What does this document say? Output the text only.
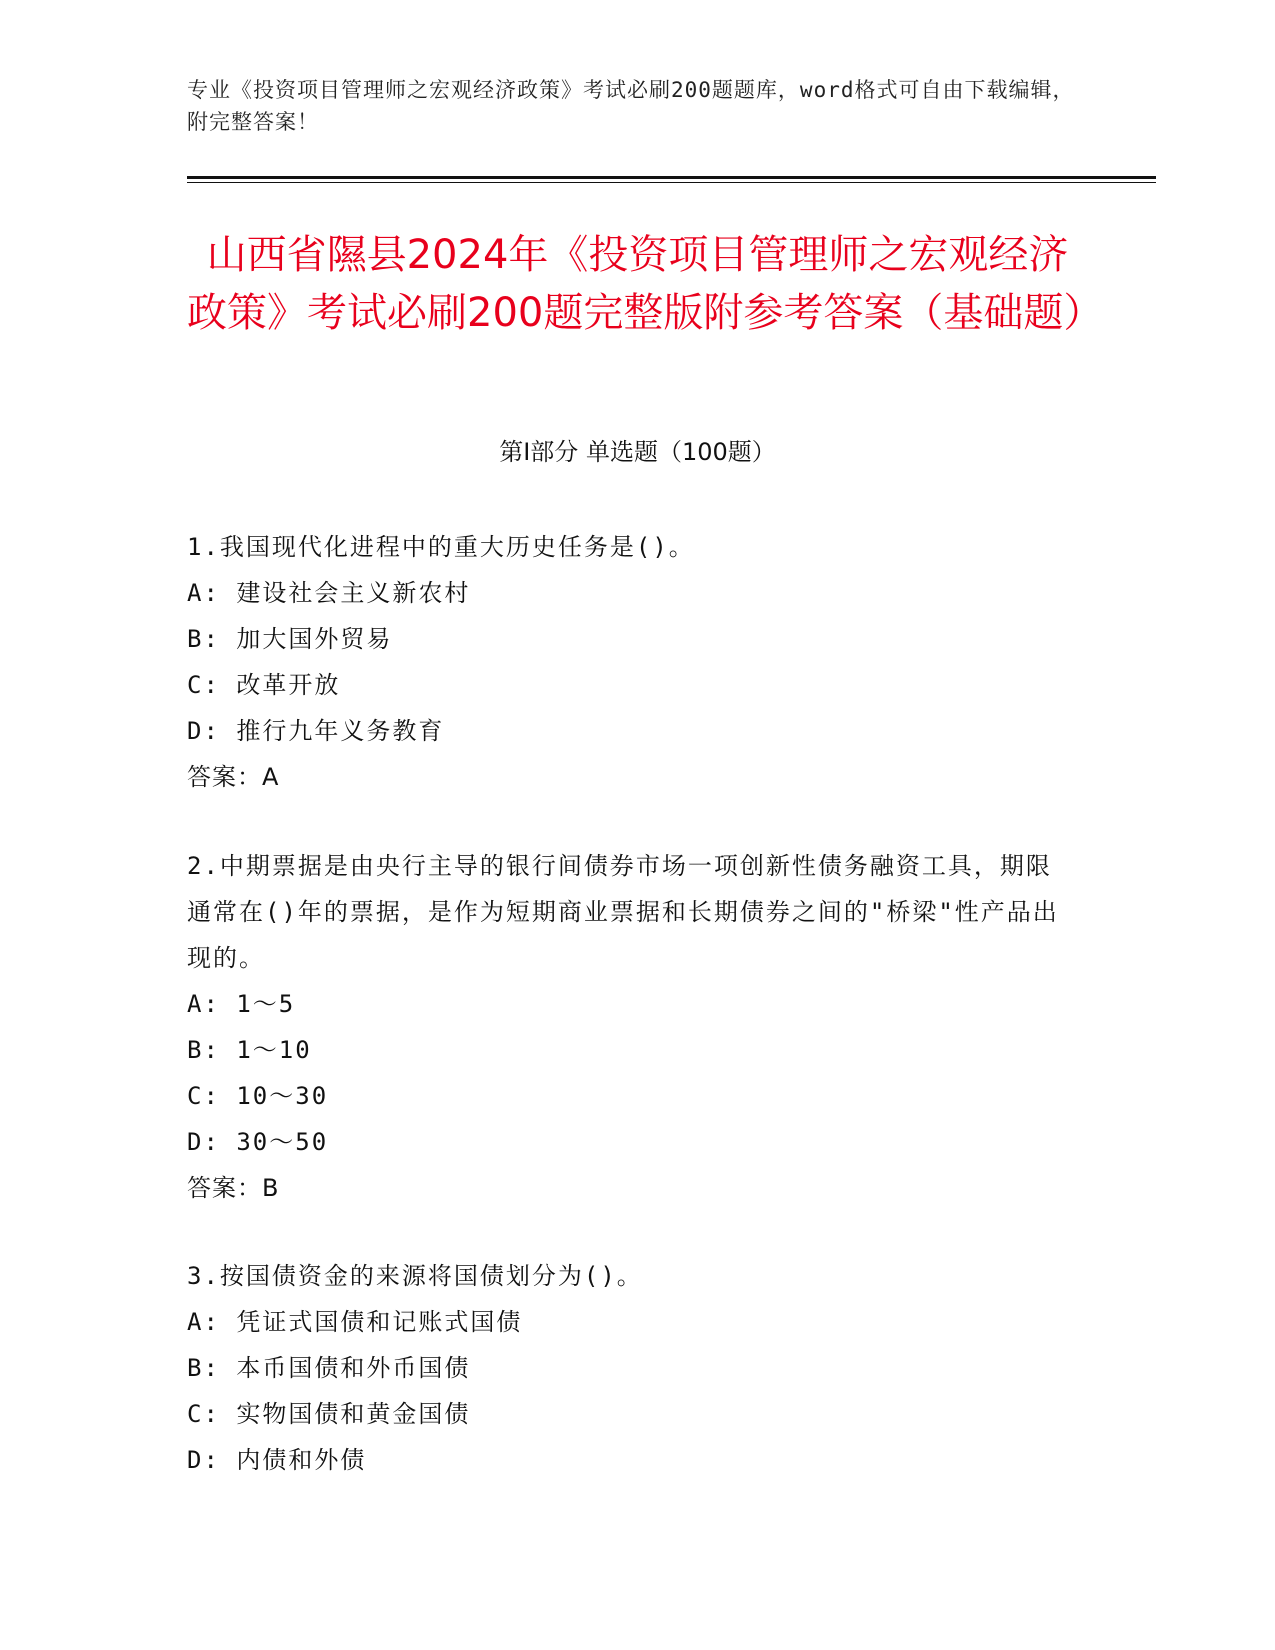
专业《投资项目管理师之宏观经济政策》考试必刷200题题库，word格式可自由下载编辑，附完整答案！
山西省隰县2024年《投资项目管理师之宏观经济政策》考试必刷200题完整版附参考答案（基础题）
第I部分 单选题（100题）
1.我国现代化进程中的重大历史任务是()。
A: 建设社会主义新农村
B: 加大国外贸易
C: 改革开放
D: 推行九年义务教育
答案：A
2.中期票据是由央行主导的银行间债券市场一项创新性债务融资工具，期限通常在()年的票据，是作为短期商业票据和长期债券之间的"桥梁"性产品出现的。
A: 1～5
B: 1～10
C: 10～30
D: 30～50
答案：B
3.按国债资金的来源将国债划分为()。
A: 凭证式国债和记账式国债
B: 本币国债和外币国债
C: 实物国债和黄金国债
D: 内债和外债
